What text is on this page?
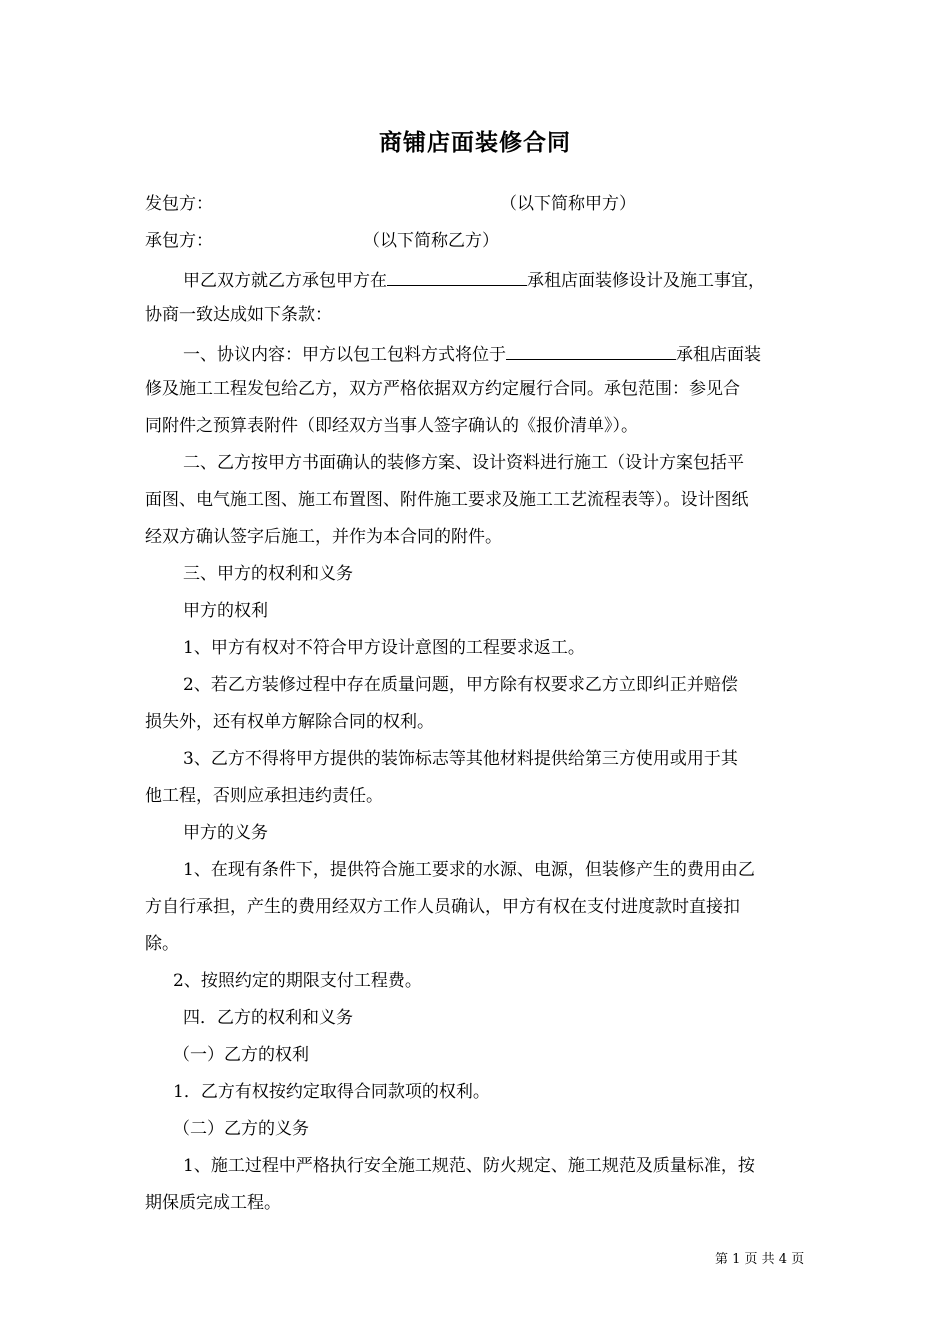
商铺店面装修合同
发包方：	（以下简称甲方）
承包方：	（以下简称乙方）
甲乙双方就乙方承包甲方在	承租店面装修设计及施工事宜，
协商一致达成如下条款：
一、协议内容：甲方以包工包料方式将位于	承租店面装
修及施工工程发包给乙方，双方严格依据双方约定履行合同。承包范围：参见合
同附件之预算表附件（即经双方当事人签字确认的《报价清单》）。
二、乙方按甲方书面确认的装修方案、设计资料进行施工（设计方案包括平
面图、电气施工图、施工布置图、附件施工要求及施工工艺流程表等）。设计图纸
经双方确认签字后施工，并作为本合同的附件。
三、甲方的权利和义务
甲方的权利
1、甲方有权对不符合甲方设计意图的工程要求返工。
2、若乙方装修过程中存在质量问题，甲方除有权要求乙方立即纠正并赔偿
损失外，还有权单方解除合同的权利。
3、乙方不得将甲方提供的装饰标志等其他材料提供给第三方使用或用于其
他工程，否则应承担违约责任。
甲方的义务
1、在现有条件下，提供符合施工要求的水源、电源，但装修产生的费用由乙
方自行承担，产生的费用经双方工作人员确认，甲方有权在支付进度款时直接扣
除。
2、按照约定的期限支付工程费。
四．乙方的权利和义务
（一）乙方的权利
1．乙方有权按约定取得合同款项的权利。
（二）乙方的义务
1、施工过程中严格执行安全施工规范、防火规定、施工规范及质量标准，按
期保质完成工程。
第 1 页 共 4 页
